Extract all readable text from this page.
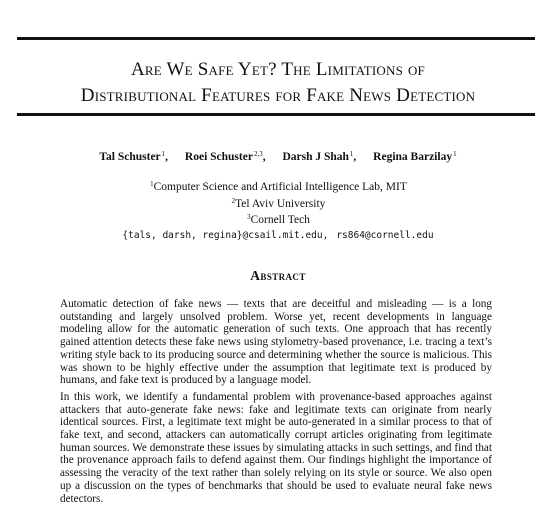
Are We Safe Yet? The Limitations of
Distributional Features for Fake News Detection
Tal Schuster$^1$, Roei Schuster$^{2,3}$, Darsh J Shah$^1$, Regina Barzilay$^1$
$^1$Computer Science and Artificial Intelligence Lab, MIT
$^2$Tel Aviv University
$^3$Cornell Tech
{tals, darsh, regina}@csail.mit.edu, rs864@cornell.edu
Abstract

Automatic detection of fake news — texts that are deceitful and misleading — is a long outstanding and largely unsolved problem. Worse yet, recent developments in language modeling allow for the automatic generation of such texts. One approach that has recently gained attention detects these fake news using stylometry-based provenance, i.e. tracing a text’s writing style back to its producing source and determining whether the source is malicious. This was shown to be highly effective under the assumption that legitimate text is produced by humans, and fake text is produced by a language model.

In this work, we identify a fundamental problem with provenance-based approaches against attackers that auto-generate fake news: fake and legitimate texts can originate from nearly identical sources. First, a legitimate text might be auto-generated in a similar process to that of fake text, and second, attackers can automatically corrupt articles originating from legitimate human sources. We demonstrate these issues by simulating attacks in such settings, and find that the provenance approach fails to defend against them. Our findings highlight the importance of assessing the veracity of the text rather than solely relying on its style or source. We also open up a discussion on the types of benchmarks that should be used to evaluate neural fake news detectors.
